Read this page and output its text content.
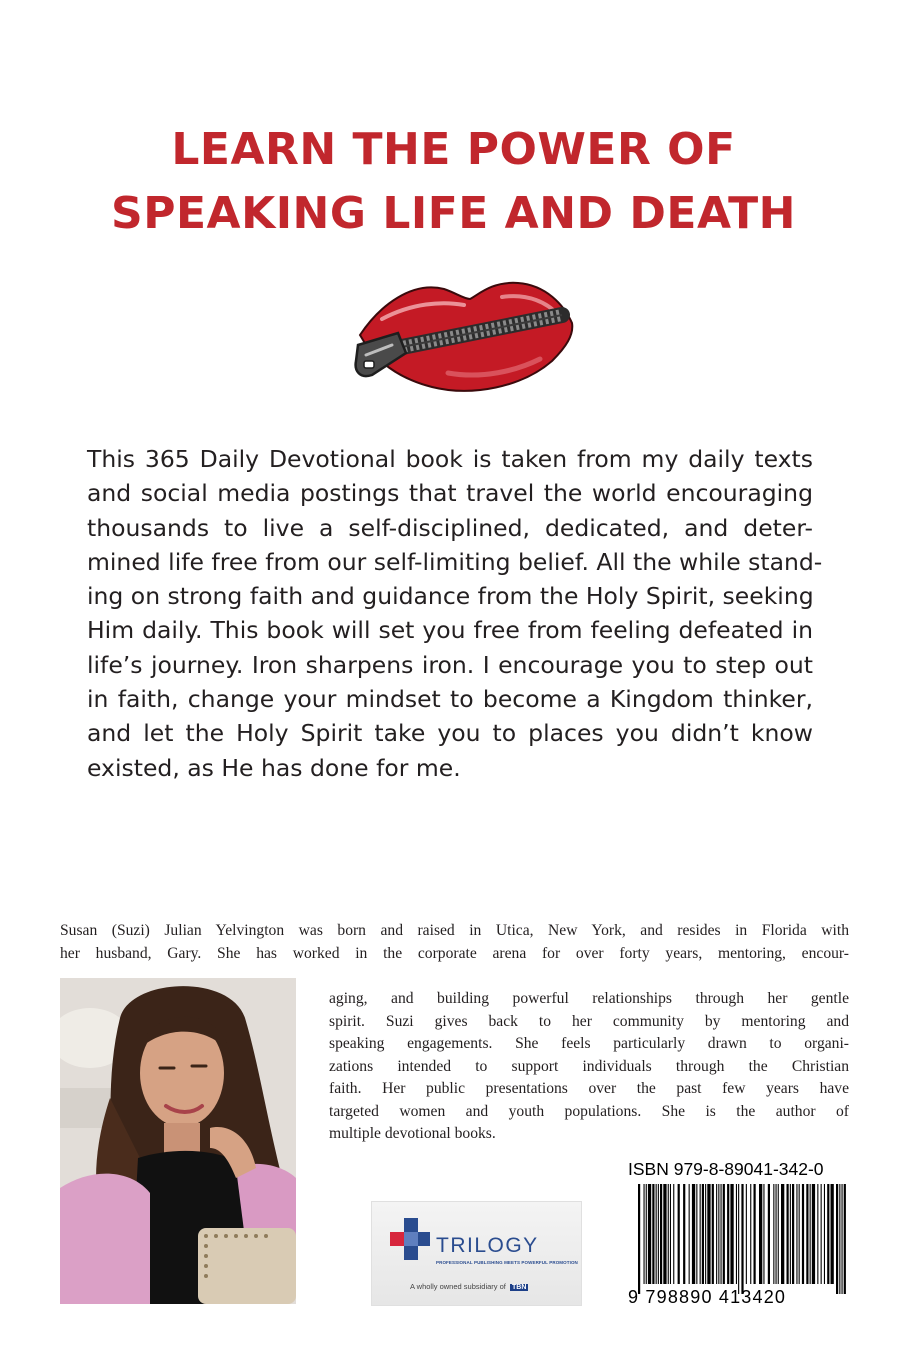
LEARN THE POWER OF
SPEAKING LIFE AND DEATH
This 365 Daily Devotional book is taken from my daily texts
and social media postings that travel the world encouraging
thousands to live a self-disciplined, dedicated, and deter-
mined life free from our self-limiting belief. All the while stand-
ing on strong faith and guidance from the Holy Spirit, seeking
Him daily. This book will set you free from feeling defeated in
life’s journey. Iron sharpens iron. I encourage you to step out
in faith, change your mindset to become a Kingdom thinker,
and let the Holy Spirit take you to places you didn’t know
existed, as He has done for me.
Susan (Suzi) Julian Yelvington was born and raised in Utica, New York, and resides in Florida with
her husband, Gary. She has worked in the corporate arena for over forty years, mentoring, encour-
aging, and building powerful relationships through her gentle
spirit. Suzi gives back to her community by mentoring and
speaking engagements. She feels particularly drawn to organi-
zations intended to support individuals through the Christian
faith. Her public presentations over the past few years have
targeted women and youth populations. She is the author of
multiple devotional books.
TRILOGY
PROFESSIONAL PUBLISHING MEETS POWERFUL PROMOTION
A wholly owned subsidiary of TBN
ISBN 979-8-89041-342-0
9 798890 413420
